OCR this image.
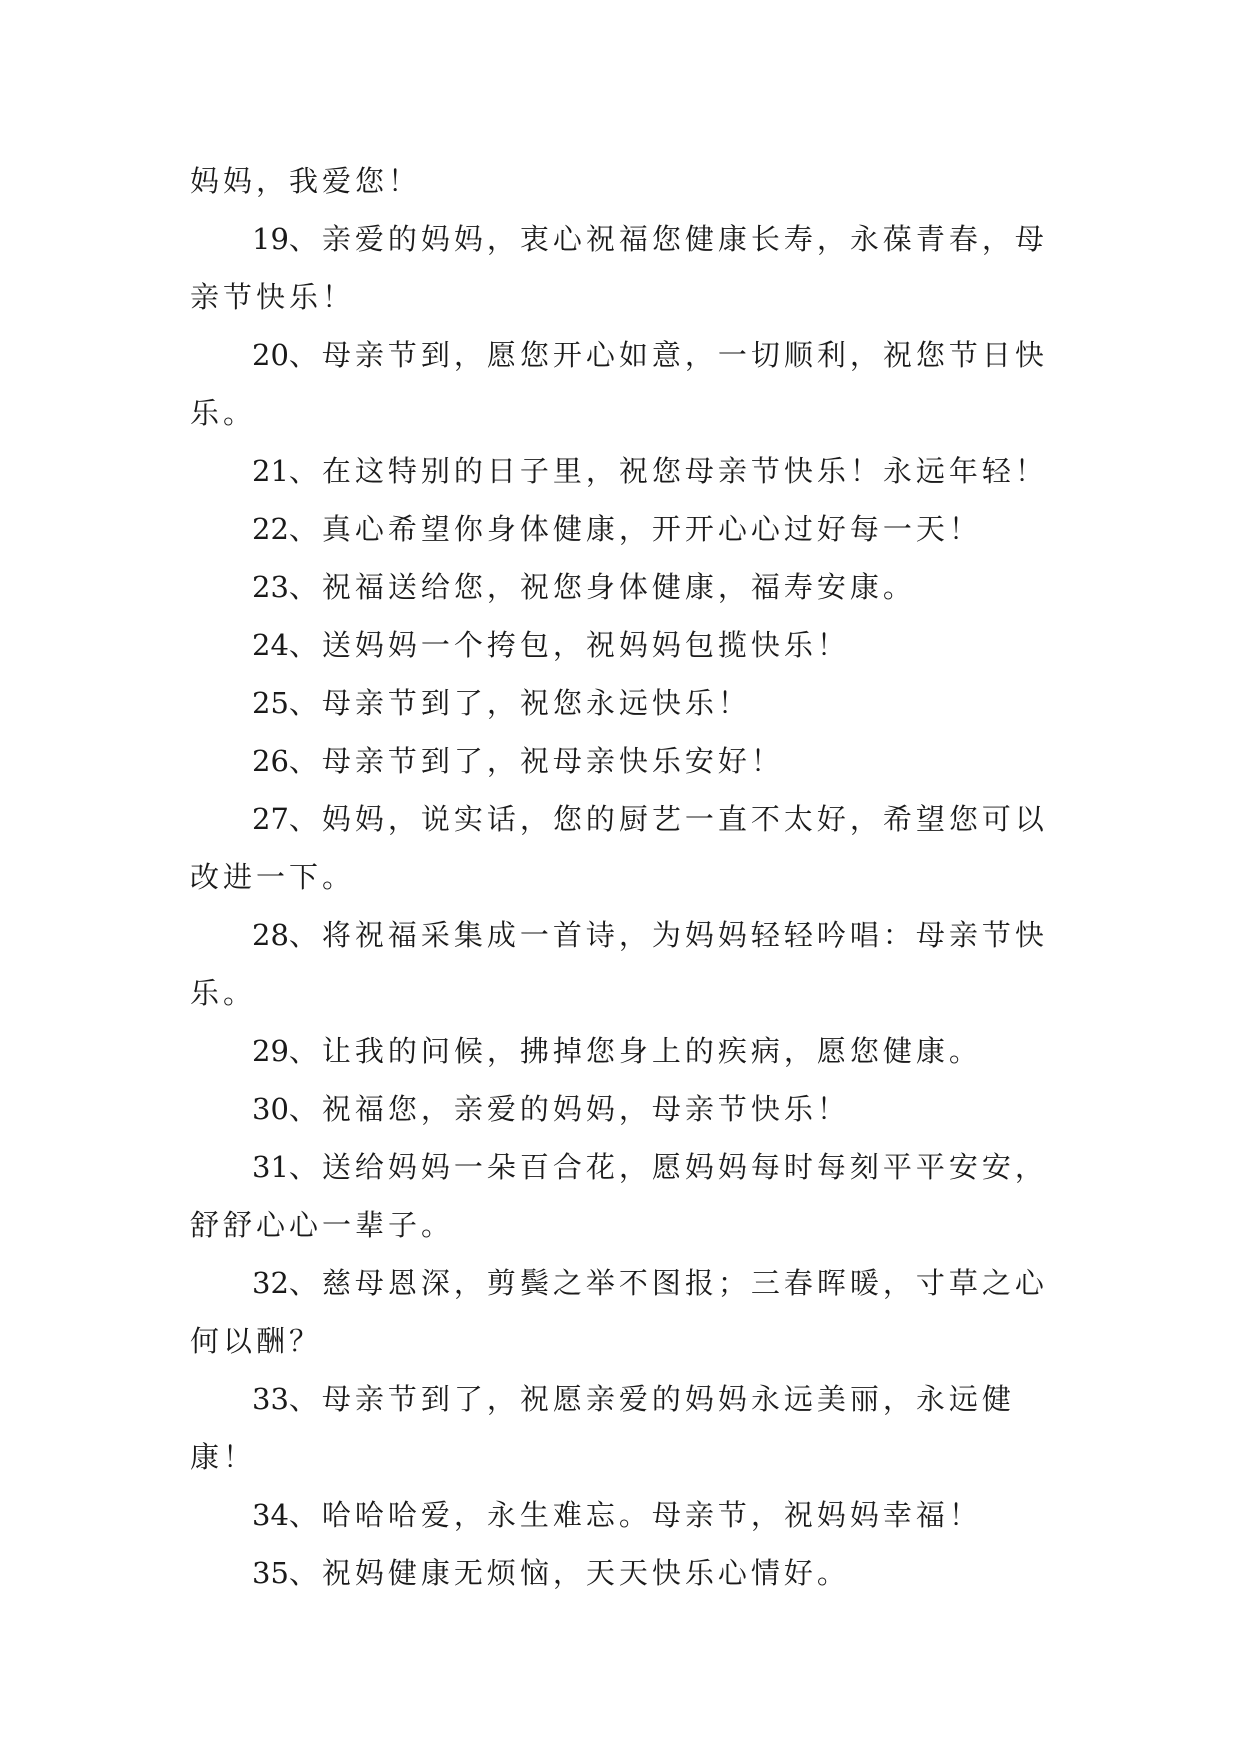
妈妈，我爱您！

19、亲爱的妈妈，衷心祝福您健康长寿，永葆青春，母亲节快乐！

20、母亲节到，愿您开心如意，一切顺利，祝您节日快乐。

21、在这特别的日子里，祝您母亲节快乐！永远年轻！

22、真心希望你身体健康，开开心心过好每一天！

23、祝福送给您，祝您身体健康，福寿安康。

24、送妈妈一个挎包，祝妈妈包揽快乐！

25、母亲节到了，祝您永远快乐！

26、母亲节到了，祝母亲快乐安好！

27、妈妈，说实话，您的厨艺一直不太好，希望您可以改进一下。

28、将祝福采集成一首诗，为妈妈轻轻吟唱：母亲节快乐。

29、让我的问候，拂掉您身上的疾病，愿您健康。

30、祝福您，亲爱的妈妈，母亲节快乐！

31、送给妈妈一朵百合花，愿妈妈每时每刻平平安安，舒舒心心一辈子。

32、慈母恩深，剪鬓之举不图报；三春晖暖，寸草之心何以酬？

33、母亲节到了，祝愿亲爱的妈妈永远美丽，永远健康！

34、哈哈哈爱，永生难忘。母亲节，祝妈妈幸福！

35、祝妈健康无烦恼，天天快乐心情好。
